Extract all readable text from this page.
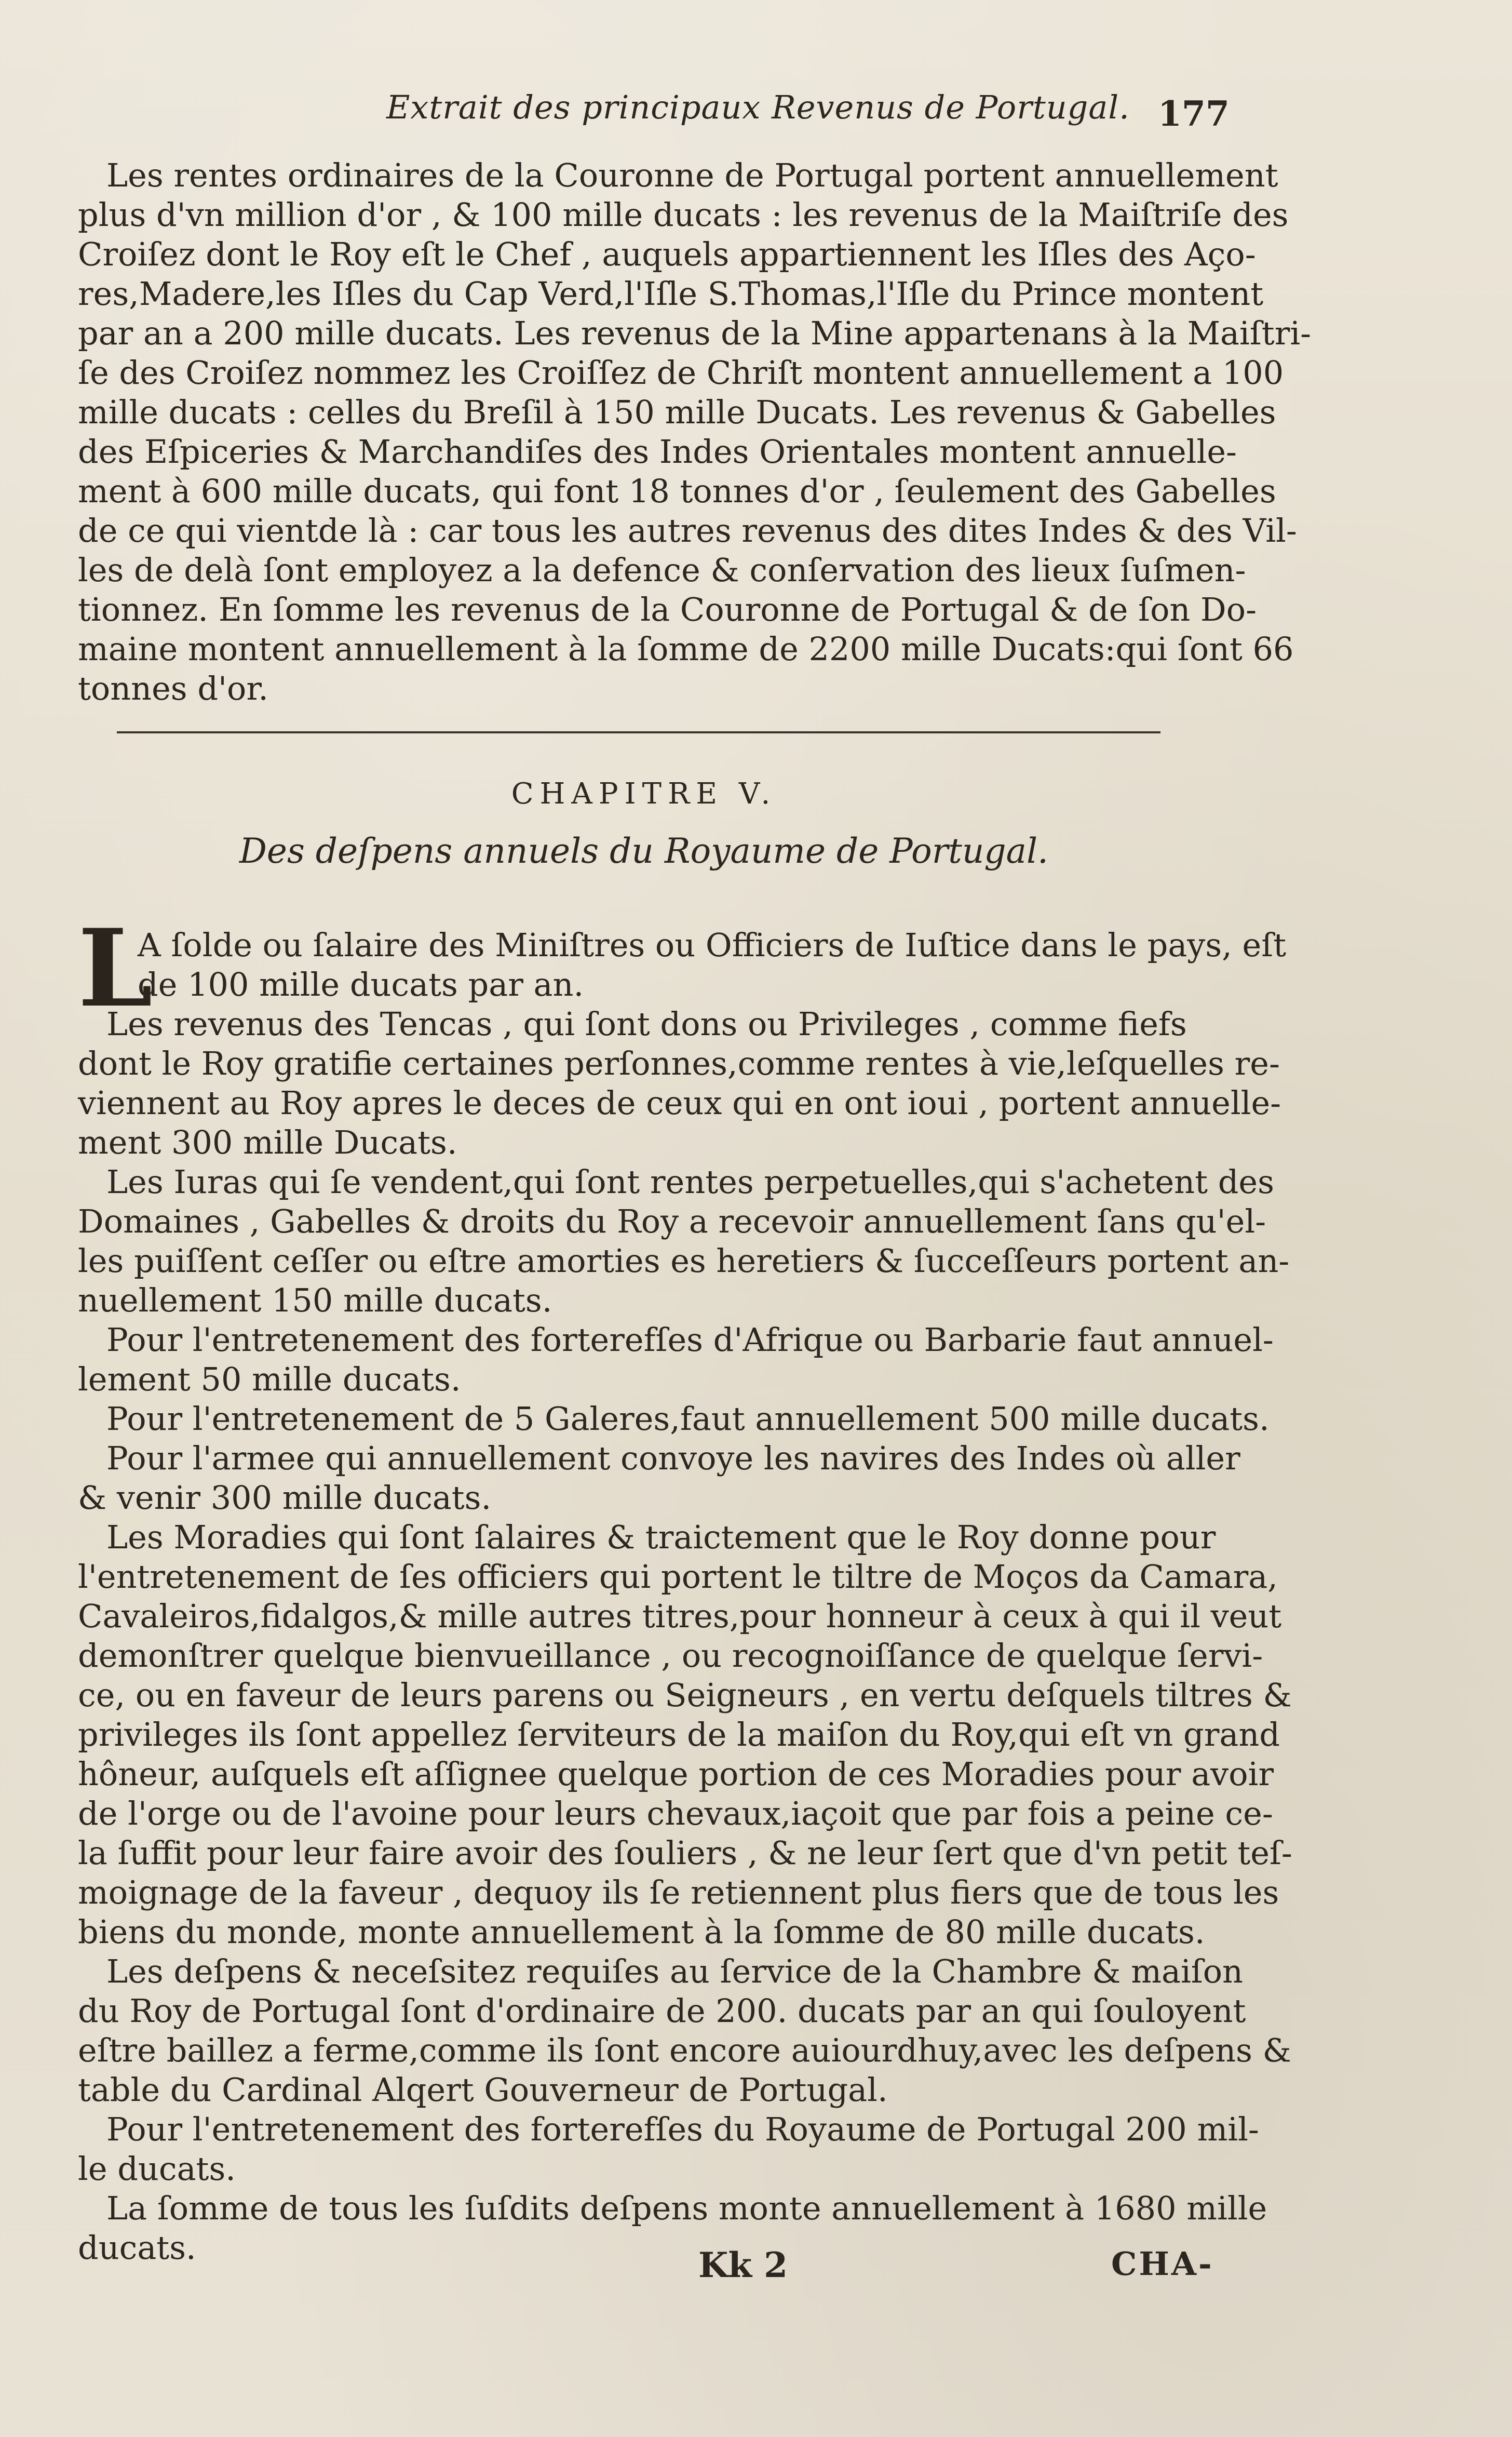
Extrait des principaux Revenus de Portugal. 177
Les rentes ordinaires de la Couronne de Portugal portent annuellement
plus d'vn million d'or , & 100 mille ducats : les revenus de la Maiſtriſe des
Croiſez dont le Roy eſt le Chef , auquels appartiennent les Iſles des Aço-
res,Madere,les Iſles du Cap Verd,l'Iſle S.Thomas,l'Iſle du Prince montent
par an a 200 mille ducats. Les revenus de la Mine appartenans à la Maiſtri-
ſe des Croiſez nommez les Croiſſez de Chriſt montent annuellement a 100
mille ducats : celles du Breſil à 150 mille Ducats. Les revenus & Gabelles
des Eſpiceries & Marchandiſes des Indes Orientales montent annuelle-
ment à 600 mille ducats, qui font 18 tonnes d'or , ſeulement des Gabelles
de ce qui vientde là : car tous les autres revenus des dites Indes & des Vil-
les de delà ſont employez a la defence & conſervation des lieux ſuſmen-
tionnez. En ſomme les revenus de la Couronne de Portugal & de ſon Do-
maine montent annuellement à la ſomme de 2200 mille Ducats:qui ſont 66
tonnes d'or.
CHAPITRE V.
Des deſpens annuels du Royaume de Portugal.
L
A ſolde ou ſalaire des Miniſtres ou Officiers de Iuſtice dans le pays, eſt
de 100 mille ducats par an.
Les revenus des Tencas , qui ſont dons ou Privileges , comme fiefs
dont le Roy gratifie certaines perſonnes,comme rentes à vie,leſquelles re-
viennent au Roy apres le deces de ceux qui en ont ioui , portent annuelle-
ment 300 mille Ducats.
Les Iuras qui ſe vendent,qui ſont rentes perpetuelles,qui s'achetent des
Domaines , Gabelles & droits du Roy a recevoir annuellement ſans qu'el-
les puiſſent ceſſer ou eſtre amorties es heretiers & ſucceſſeurs portent an-
nuellement 150 mille ducats.
Pour l'entretenement des forterefſes d'Afrique ou Barbarie faut annuel-
lement 50 mille ducats.
Pour l'entretenement de 5 Galeres,faut annuellement 500 mille ducats.
Pour l'armee qui annuellement convoye les navires des Indes où aller
& venir 300 mille ducats.
Les Moradies qui ſont ſalaires & traictement que le Roy donne pour
l'entretenement de ſes officiers qui portent le tiltre de Moços da Camara,
Cavaleiros,fidalgos,& mille autres titres,pour honneur à ceux à qui il veut
demonſtrer quelque bienvueillance , ou recognoiſſance de quelque ſervi-
ce, ou en faveur de leurs parens ou Seigneurs , en vertu deſquels tiltres &
privileges ils ſont appellez ſerviteurs de la maiſon du Roy,qui eſt vn grand
hôneur, auſquels eſt aſſignee quelque portion de ces Moradies pour avoir
de l'orge ou de l'avoine pour leurs chevaux,iaçoit que par fois a peine ce-
la ſuffit pour leur faire avoir des ſouliers , & ne leur ſert que d'vn petit teſ-
moignage de la faveur , dequoy ils ſe retiennent plus fiers que de tous les
biens du monde, monte annuellement à la ſomme de 80 mille ducats.
Les deſpens & neceſsitez requiſes au ſervice de la Chambre & maiſon
du Roy de Portugal ſont d'ordinaire de 200. ducats par an qui ſouloyent
eſtre baillez a ferme,comme ils ſont encore auiourdhuy,avec les deſpens &
table du Cardinal Alqert Gouverneur de Portugal.
Pour l'entretenement des forterefſes du Royaume de Portugal 200 mil-
le ducats.
La ſomme de tous les ſuſdits deſpens monte annuellement à 1680 mille
ducats.	Kk 2	CHA-
